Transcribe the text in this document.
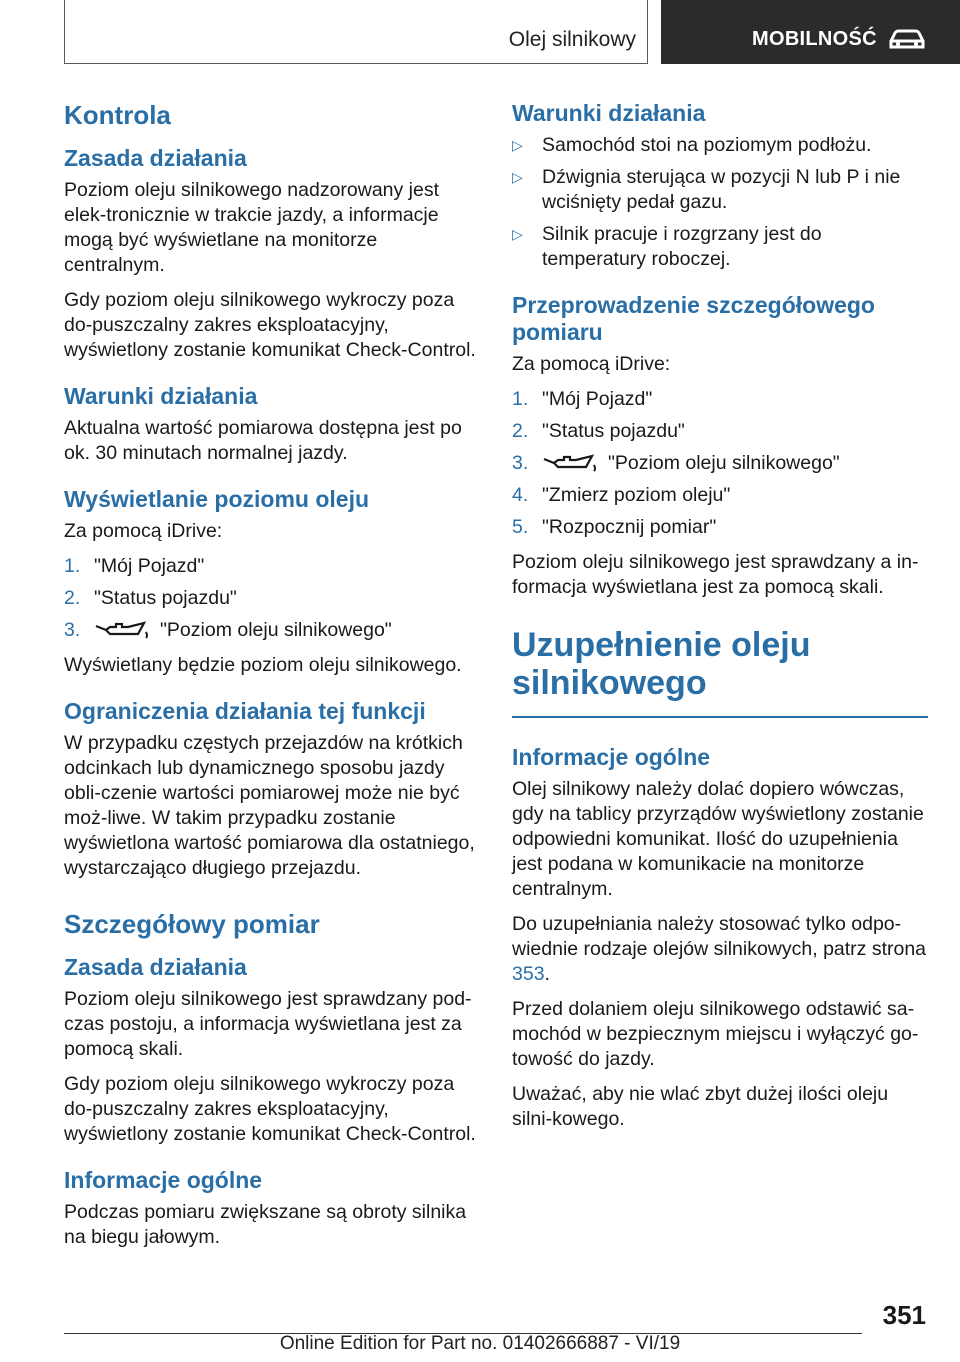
Olej silnikowy	MOBILNOŚĆ
Kontrola
Zasada działania

Poziom oleju silnikowego nadzorowany jest elek-tronicznie w trakcie jazdy, a informacje mogą być wyświetlane na monitorze centralnym.

Gdy poziom oleju silnikowego wykroczy poza do-puszczalny zakres eksploatacyjny, wyświetlony zostanie komunikat Check-Control.

Warunki działania

Aktualna wartość pomiarowa dostępna jest po ok. 30 minutach normalnej jazdy.

Wyświetlanie poziomu oleju

Za pomocą iDrive:

1. "Mój Pojazd"
2. "Status pojazdu"
3.	"Poziom oleju silnikowego"

Wyświetlany będzie poziom oleju silnikowego.

Ograniczenia działania tej funkcji

W przypadku częstych przejazdów na krótkich odcinkach lub dynamicznego sposobu jazdy obli-czenie wartości pomiarowej może nie być moż-liwe. W takim przypadku zostanie wyświetlona wartość pomiarowa dla ostatniego, wystarczająco długiego przejazdu.

Szczegółowy pomiar
Zasada działania

Poziom oleju silnikowego jest sprawdzany pod-czas postoju, a informacja wyświetlana jest za pomocą skali.

Gdy poziom oleju silnikowego wykroczy poza do-puszczalny zakres eksploatacyjny, wyświetlony zostanie komunikat Check-Control.

Informacje ogólne

Podczas pomiaru zwiększane są obroty silnika na biegu jałowym.

Warunki działania
▷ Samochód stoi na poziomym podłożu.
▷ Dźwignia sterująca w pozycji N lub P i nie wciśnięty pedał gazu.
▷ Silnik pracuje i rozgrzany jest do temperatury roboczej.
Przeprowadzenie szczegółowego pomiaru

Za pomocą iDrive:

1. "Mój Pojazd"
2. "Status pojazdu"
3.	"Poziom oleju silnikowego"
4. "Zmierz poziom oleju"
5. "Rozpocznij pomiar"

Poziom oleju silnikowego jest sprawdzany a in-formacja wyświetlana jest za pomocą skali.

Uzupełnienie oleju silnikowego
Informacje ogólne

Olej silnikowy należy dolać dopiero wówczas, gdy na tablicy przyrządów wyświetlony zostanie odpowiedni komunikat. Ilość do uzupełnienia jest podana w komunikacie na monitorze centralnym.

Do uzupełniania należy stosować tylko odpo-wiednie rodzaje olejów silnikowych, patrz strona 353.

Przed dolaniem oleju silnikowego odstawić sa-mochód w bezpiecznym miejscu i wyłączyć go-towość do jazdy.

Uważać, aby nie wlać zbyt dużej ilości oleju silni-kowego.

351
Online Edition for Part no. 01402666887 - VI/19
